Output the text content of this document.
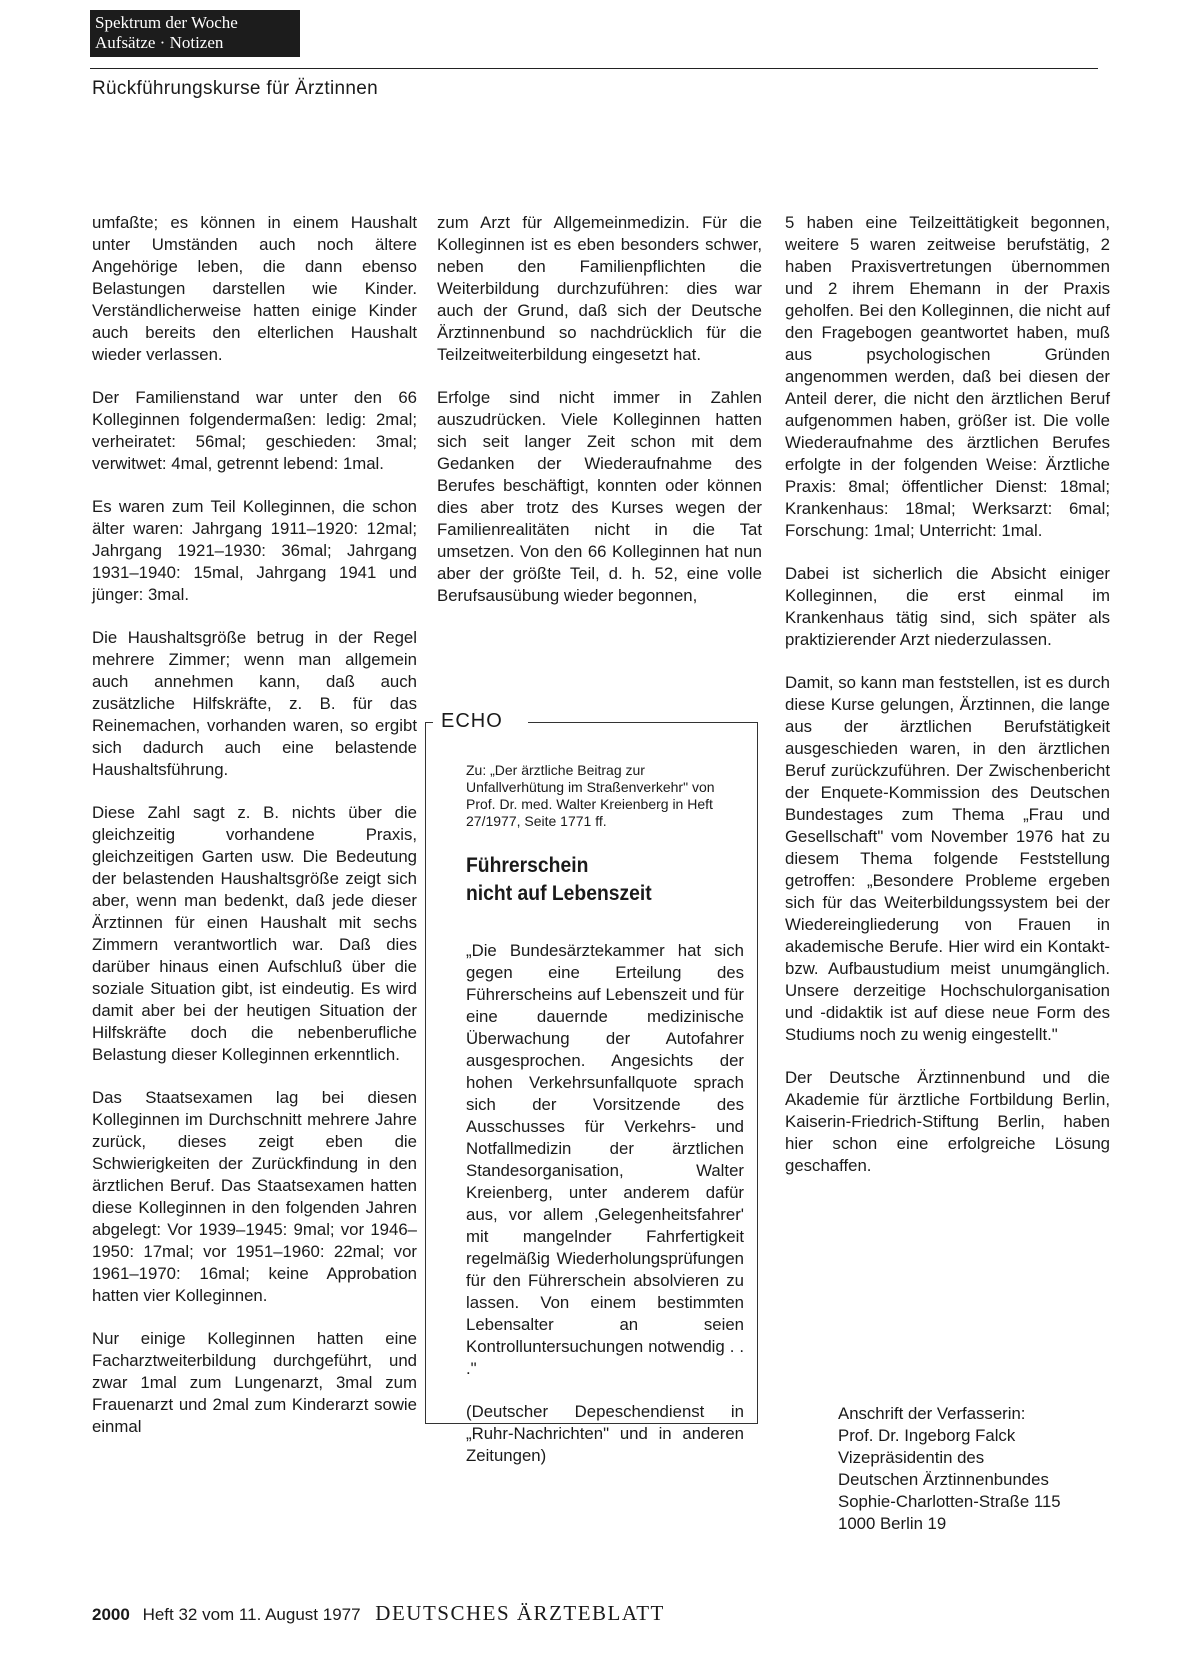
Spektrum der Woche
Aufsätze · Notizen
Rückführungskurse für Ärztinnen

umfaßte; es können in einem Haushalt unter Umständen auch noch ältere Angehörige leben, die dann ebenso Belastungen darstellen wie Kinder. Verständlicherweise hatten einige Kinder auch bereits den elterlichen Haushalt wieder verlassen.

Der Familienstand war unter den 66 Kolleginnen folgendermaßen: ledig: 2mal; verheiratet: 56mal; geschieden: 3mal; verwitwet: 4mal, getrennt lebend: 1mal.

Es waren zum Teil Kolleginnen, die schon älter waren: Jahrgang 1911–1920: 12mal; Jahrgang 1921–1930: 36mal; Jahrgang 1931–1940: 15mal, Jahrgang 1941 und jünger: 3mal.

Die Haushaltsgröße betrug in der Regel mehrere Zimmer; wenn man allgemein auch annehmen kann, daß auch zusätzliche Hilfskräfte, z. B. für das Reinemachen, vorhanden waren, so ergibt sich dadurch auch eine belastende Haushaltsführung.

Diese Zahl sagt z. B. nichts über die gleichzeitig vorhandene Praxis, gleichzeitigen Garten usw. Die Bedeutung der belastenden Haushaltsgröße zeigt sich aber, wenn man bedenkt, daß jede dieser Ärztinnen für einen Haushalt mit sechs Zimmern verantwortlich war. Daß dies darüber hinaus einen Aufschluß über die soziale Situation gibt, ist eindeutig. Es wird damit aber bei der heutigen Situation der Hilfskräfte doch die nebenberufliche Belastung dieser Kolleginnen erkenntlich.

Das Staatsexamen lag bei diesen Kolleginnen im Durchschnitt mehrere Jahre zurück, dieses zeigt eben die Schwierigkeiten der Zurückfindung in den ärztlichen Beruf. Das Staatsexamen hatten diese Kolleginnen in den folgenden Jahren abgelegt: Vor 1939–1945: 9mal; vor 1946–1950: 17mal; vor 1951–1960: 22mal; vor 1961–1970: 16mal; keine Approbation hatten vier Kolleginnen.

Nur einige Kolleginnen hatten eine Facharztweiterbildung durchgeführt, und zwar 1mal zum Lungenarzt, 3mal zum Frauenarzt und 2mal zum Kinderarzt sowie einmal

zum Arzt für Allgemeinmedizin. Für die Kolleginnen ist es eben besonders schwer, neben den Familienpflichten die Weiterbildung durchzuführen: dies war auch der Grund, daß sich der Deutsche Ärztinnenbund so nachdrücklich für die Teilzeitweiterbildung eingesetzt hat.

Erfolge sind nicht immer in Zahlen auszudrücken. Viele Kolleginnen hatten sich seit langer Zeit schon mit dem Gedanken der Wiederaufnahme des Berufes beschäftigt, konnten oder können dies aber trotz des Kurses wegen der Familienrealitäten nicht in die Tat umsetzen. Von den 66 Kolleginnen hat nun aber der größte Teil, d. h. 52, eine volle Berufsausübung wieder begonnen,

ECHO
Zu: „Der ärztliche Beitrag zur Unfallverhütung im Straßenverkehr" von Prof. Dr. med. Walter Kreienberg in Heft 27/1977, Seite 1771 ff.
Führerschein
nicht auf Lebenszeit

„Die Bundesärztekammer hat sich gegen eine Erteilung des Führerscheins auf Lebenszeit und für eine dauernde medizinische Überwachung der Autofahrer ausgesprochen. Angesichts der hohen Verkehrsunfallquote sprach sich der Vorsitzende des Ausschusses für Verkehrs- und Notfallmedizin der ärztlichen Standesorganisation, Walter Kreienberg, unter anderem dafür aus, vor allem ‚Gelegenheitsfahrer' mit mangelnder Fahrfertigkeit regelmäßig Wiederholungsprüfungen für den Führerschein absolvieren zu lassen. Von einem bestimmten Lebensalter an seien Kontrolluntersuchungen notwendig . . ."

(Deutscher Depeschendienst in „Ruhr-Nachrichten" und in anderen Zeitungen)

5 haben eine Teilzeittätigkeit begonnen, weitere 5 waren zeitweise berufstätig, 2 haben Praxisvertretungen übernommen und 2 ihrem Ehemann in der Praxis geholfen. Bei den Kolleginnen, die nicht auf den Fragebogen geantwortet haben, muß aus psychologischen Gründen angenommen werden, daß bei diesen der Anteil derer, die nicht den ärztlichen Beruf aufgenommen haben, größer ist. Die volle Wiederaufnahme des ärztlichen Berufes erfolgte in der folgenden Weise: Ärztliche Praxis: 8mal; öffentlicher Dienst: 18mal; Krankenhaus: 18mal; Werksarzt: 6mal; Forschung: 1mal; Unterricht: 1mal.

Dabei ist sicherlich die Absicht einiger Kolleginnen, die erst einmal im Krankenhaus tätig sind, sich später als praktizierender Arzt niederzulassen.

Damit, so kann man feststellen, ist es durch diese Kurse gelungen, Ärztinnen, die lange aus der ärztlichen Berufstätigkeit ausgeschieden waren, in den ärztlichen Beruf zurückzuführen. Der Zwischenbericht der Enquete-Kommission des Deutschen Bundestages zum Thema „Frau und Gesellschaft" vom November 1976 hat zu diesem Thema folgende Feststellung getroffen: „Besondere Probleme ergeben sich für das Weiterbildungssystem bei der Wiedereingliederung von Frauen in akademische Berufe. Hier wird ein Kontakt- bzw. Aufbaustudium meist unumgänglich. Unsere derzeitige Hochschulorganisation und -didaktik ist auf diese neue Form des Studiums noch zu wenig eingestellt."

Der Deutsche Ärztinnenbund und die Akademie für ärztliche Fortbildung Berlin, Kaiserin-Friedrich-Stiftung Berlin, haben hier schon eine erfolgreiche Lösung geschaffen.

Anschrift der Verfasserin:
Prof. Dr. Ingeborg Falck
Vizepräsidentin des
Deutschen Ärztinnenbundes
Sophie-Charlotten-Straße 115
1000 Berlin 19
2000 Heft 32 vom 11. August 1977 DEUTSCHES ÄRZTEBLATT
